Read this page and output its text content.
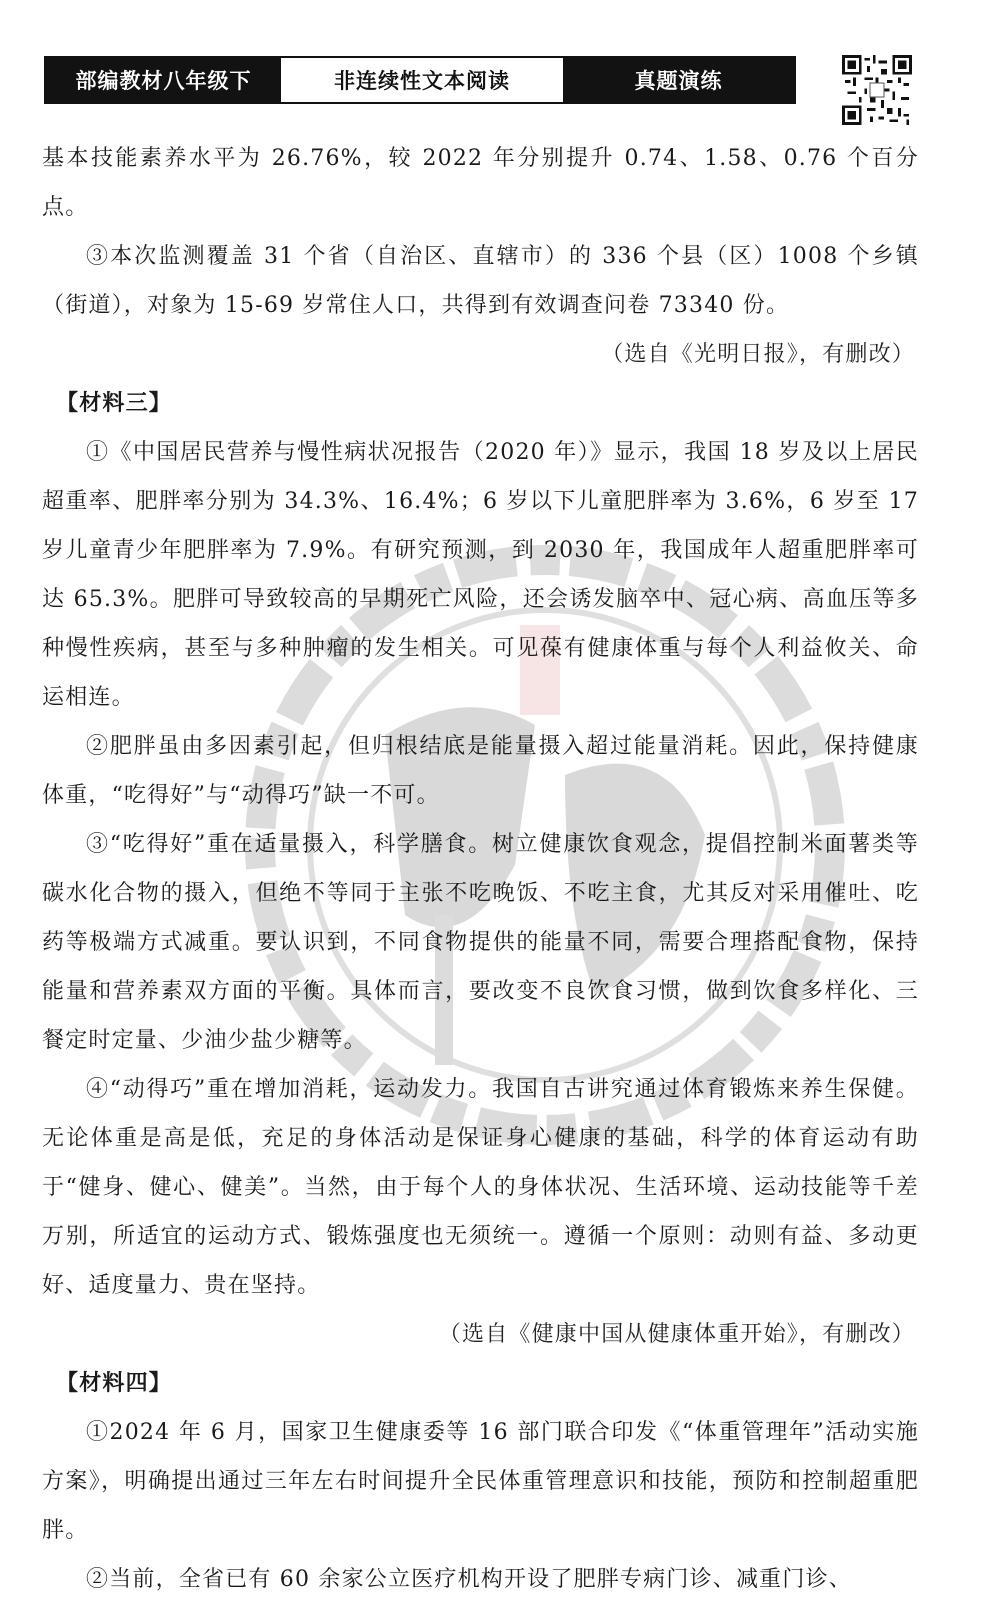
部编教材八年级下	非连续性文本阅读	真题演练

基本技能素养水平为 26.76%，较 2022 年分别提升 0.74、1.58、0.76 个百分点。

③本次监测覆盖 31 个省（自治区、直辖市）的 336 个县（区）1008 个乡镇（街道），对象为 15-69 岁常住人口，共得到有效调查问卷 73340 份。

（选自《光明日报》，有删改）

【材料三】

①《中国居民营养与慢性病状况报告（2020 年）》显示，我国 18 岁及以上居民超重率、肥胖率分别为 34.3%、16.4%；6 岁以下儿童肥胖率为 3.6%，6 岁至 17 岁儿童青少年肥胖率为 7.9%。有研究预测，到 2030 年，我国成年人超重肥胖率可达 65.3%。肥胖可导致较高的早期死亡风险，还会诱发脑卒中、冠心病、高血压等多种慢性疾病，甚至与多种肿瘤的发生相关。可见葆有健康体重与每个人利益攸关、命运相连。

②肥胖虽由多因素引起，但归根结底是能量摄入超过能量消耗。因此，保持健康体重，“吃得好”与“动得巧”缺一不可。

③“吃得好”重在适量摄入，科学膳食。树立健康饮食观念，提倡控制米面薯类等碳水化合物的摄入，但绝不等同于主张不吃晚饭、不吃主食，尤其反对采用催吐、吃药等极端方式减重。要认识到，不同食物提供的能量不同，需要合理搭配食物，保持能量和营养素双方面的平衡。具体而言，要改变不良饮食习惯，做到饮食多样化、三餐定时定量、少油少盐少糖等。

④“动得巧”重在增加消耗，运动发力。我国自古讲究通过体育锻炼来养生保健。无论体重是高是低，充足的身体活动是保证身心健康的基础，科学的体育运动有助于“健身、健心、健美”。当然，由于每个人的身体状况、生活环境、运动技能等千差万别，所适宜的运动方式、锻炼强度也无须统一。遵循一个原则：动则有益、多动更好、适度量力、贵在坚持。

（选自《健康中国从健康体重开始》，有删改）

【材料四】

①2024 年 6 月，国家卫生健康委等 16 部门联合印发《“体重管理年”活动实施方案》，明确提出通过三年左右时间提升全民体重管理意识和技能，预防和控制超重肥胖。

②当前，全省已有 60 余家公立医疗机构开设了肥胖专病门诊、减重门诊、
